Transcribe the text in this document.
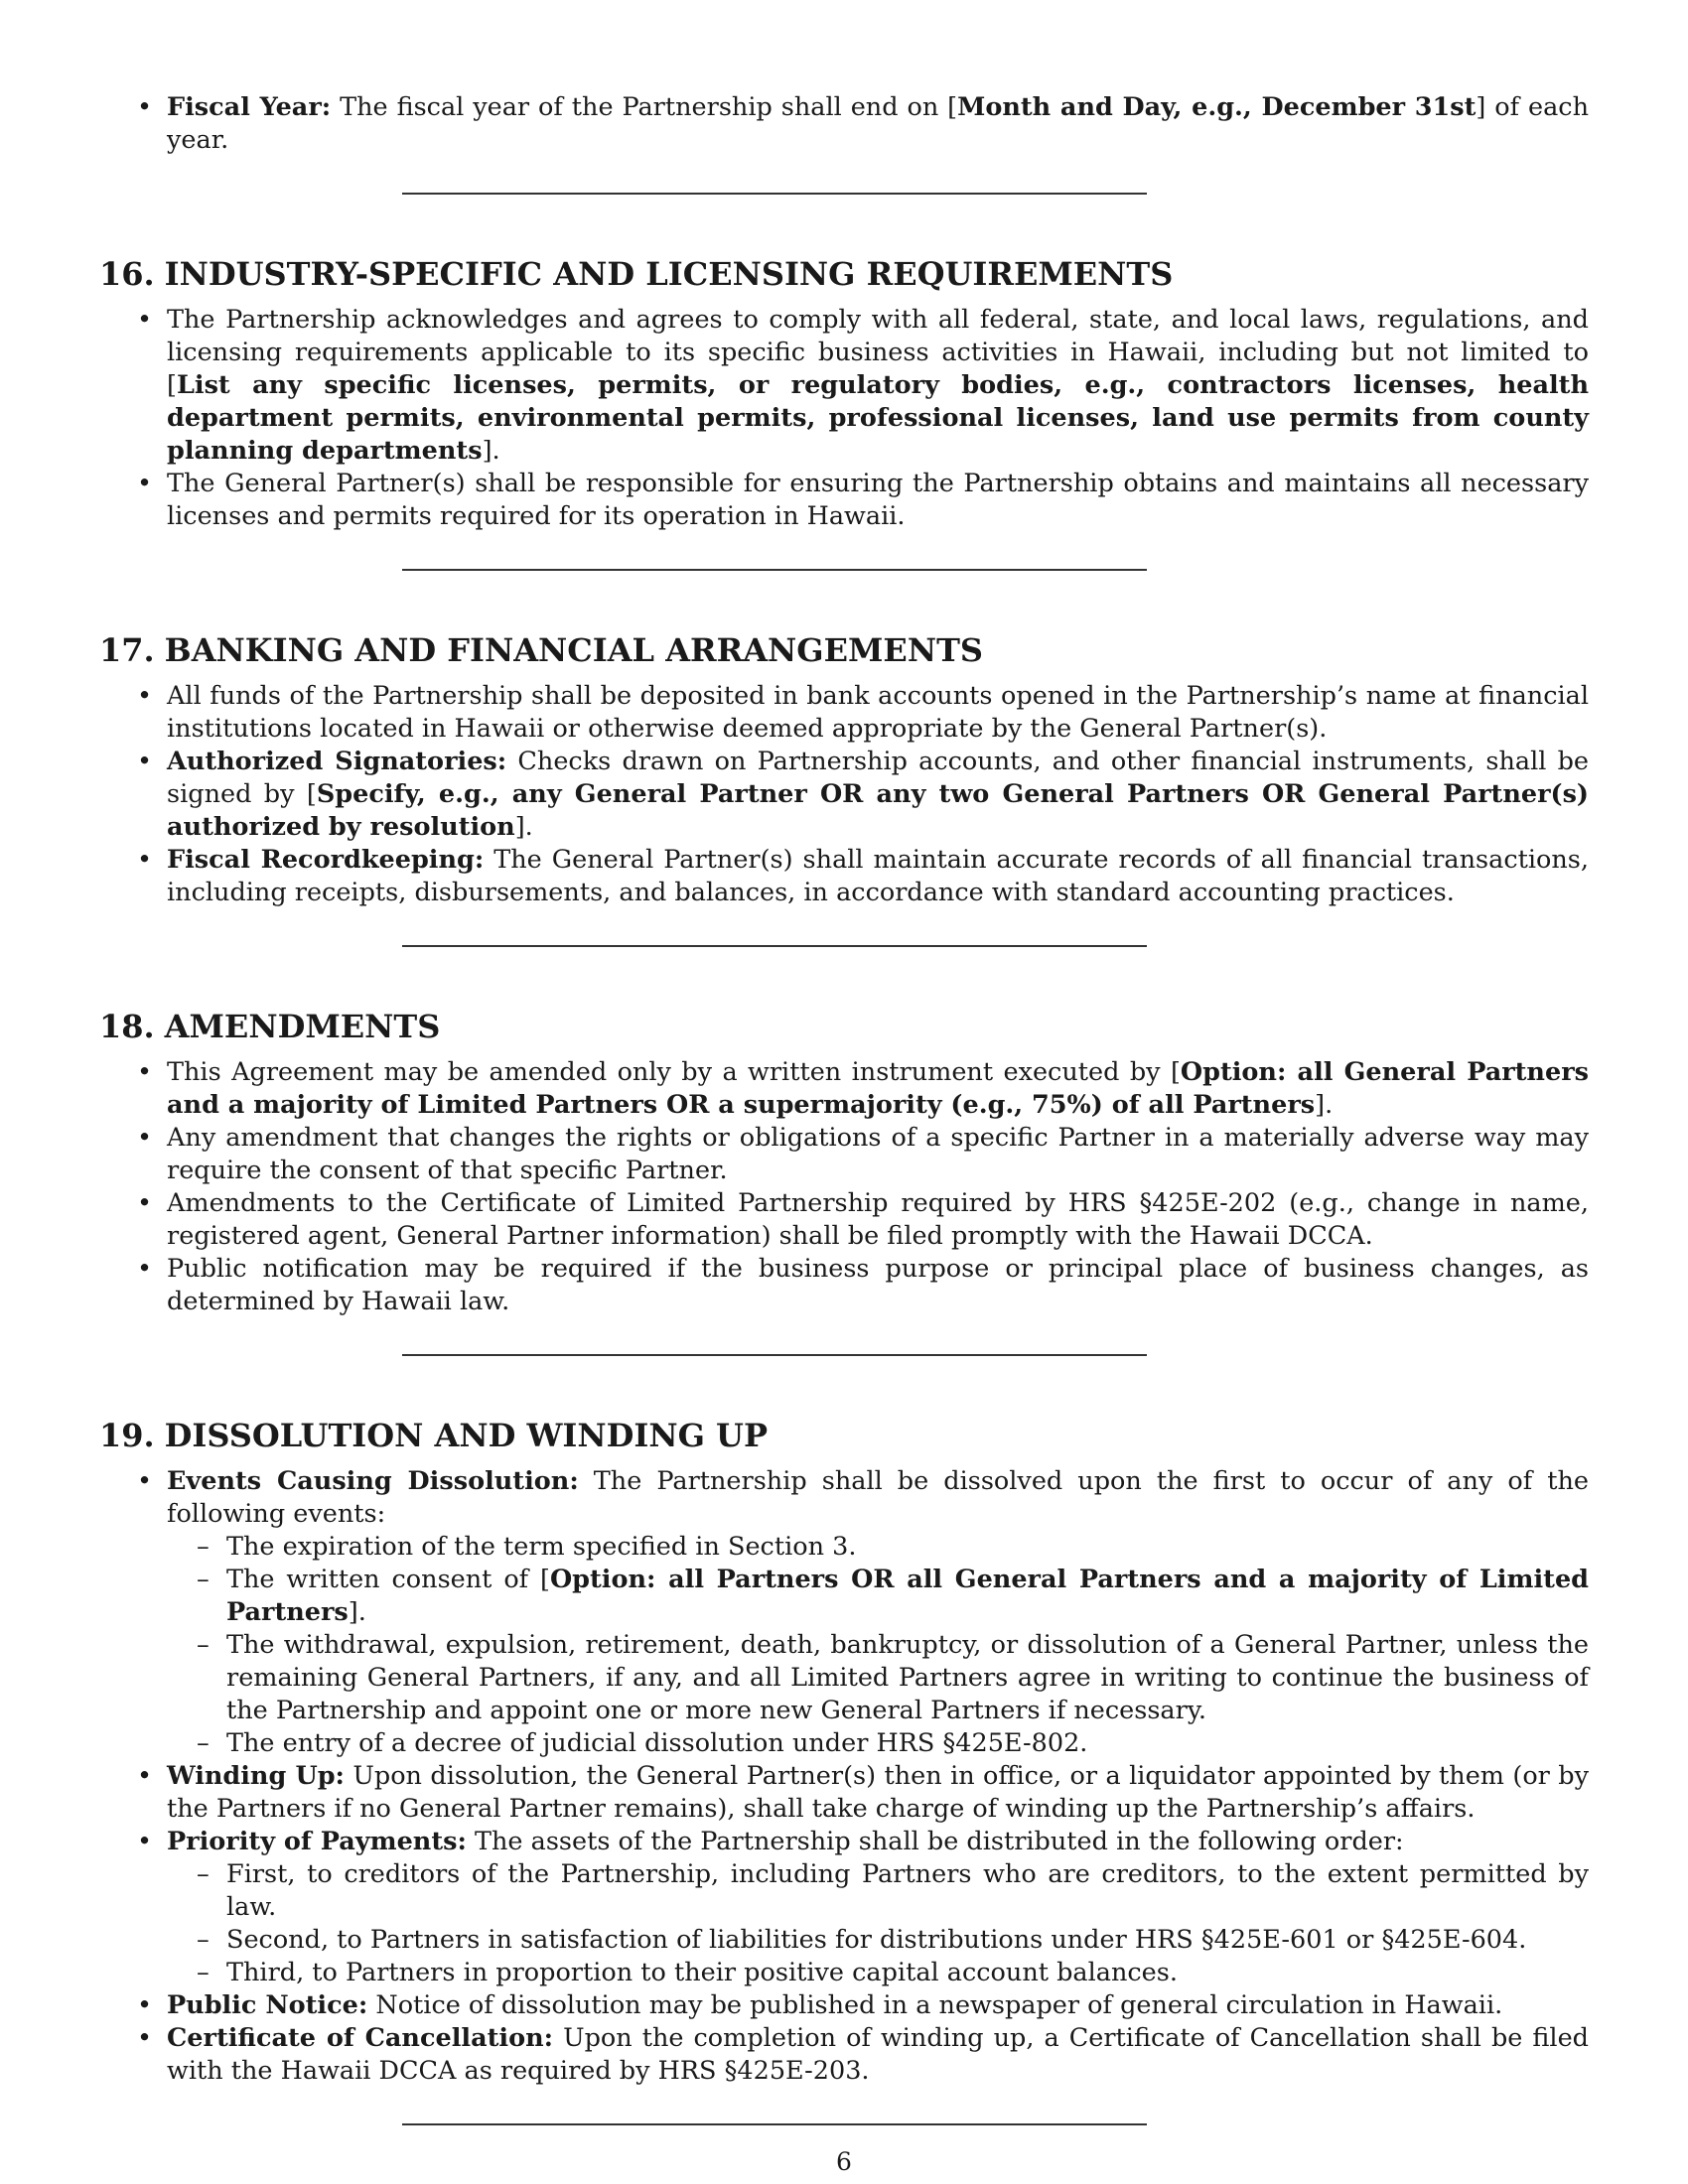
• Fiscal Year: The fiscal year of the Partnership shall end on [Month and Day, e.g., December 31st] of each year.
16. INDUSTRY-SPECIFIC AND LICENSING REQUIREMENTS
• The Partnership acknowledges and agrees to comply with all federal, state, and local laws, regulations, and licensing requirements applicable to its specific business activities in Hawaii, including but not limited to [List any specific licenses, permits, or regulatory bodies, e.g., contractors licenses, health department permits, environmental permits, professional licenses, land use permits from county planning departments].
• The General Partner(s) shall be responsible for ensuring the Partnership obtains and maintains all necessary licenses and permits required for its operation in Hawaii.
17. BANKING AND FINANCIAL ARRANGEMENTS
• All funds of the Partnership shall be deposited in bank accounts opened in the Partnership’s name at financial institutions located in Hawaii or otherwise deemed appropriate by the General Partner(s).
• Authorized Signatories: Checks drawn on Partnership accounts, and other financial instruments, shall be signed by [Specify, e.g., any General Partner OR any two General Partners OR General Partner(s) authorized by resolution].
• Fiscal Recordkeeping: The General Partner(s) shall maintain accurate records of all financial transactions, including receipts, disbursements, and balances, in accordance with standard accounting practices.
18. AMENDMENTS
• This Agreement may be amended only by a written instrument executed by [Option: all General Partners and a majority of Limited Partners OR a supermajority (e.g., 75%) of all Partners].
• Any amendment that changes the rights or obligations of a specific Partner in a materially adverse way may require the consent of that specific Partner.
• Amendments to the Certificate of Limited Partnership required by HRS §425E-202 (e.g., change in name, registered agent, General Partner information) shall be filed promptly with the Hawaii DCCA.
• Public notification may be required if the business purpose or principal place of business changes, as determined by Hawaii law.
19. DISSOLUTION AND WINDING UP
• Events Causing Dissolution: The Partnership shall be dissolved upon the first to occur of any of the following events:
– The expiration of the term specified in Section 3.
– The written consent of [Option: all Partners OR all General Partners and a majority of Limited Partners].
– The withdrawal, expulsion, retirement, death, bankruptcy, or dissolution of a General Partner, unless the remaining General Partners, if any, and all Limited Partners agree in writing to continue the business of the Partnership and appoint one or more new General Partners if necessary.
– The entry of a decree of judicial dissolution under HRS §425E-802.
• Winding Up: Upon dissolution, the General Partner(s) then in office, or a liquidator appointed by them (or by the Partners if no General Partner remains), shall take charge of winding up the Partnership’s affairs.
• Priority of Payments: The assets of the Partnership shall be distributed in the following order:
– First, to creditors of the Partnership, including Partners who are creditors, to the extent permitted by law.
– Second, to Partners in satisfaction of liabilities for distributions under HRS §425E-601 or §425E-604.
– Third, to Partners in proportion to their positive capital account balances.
• Public Notice: Notice of dissolution may be published in a newspaper of general circulation in Hawaii.
• Certificate of Cancellation: Upon the completion of winding up, a Certificate of Cancellation shall be filed with the Hawaii DCCA as required by HRS §425E-203.
6
